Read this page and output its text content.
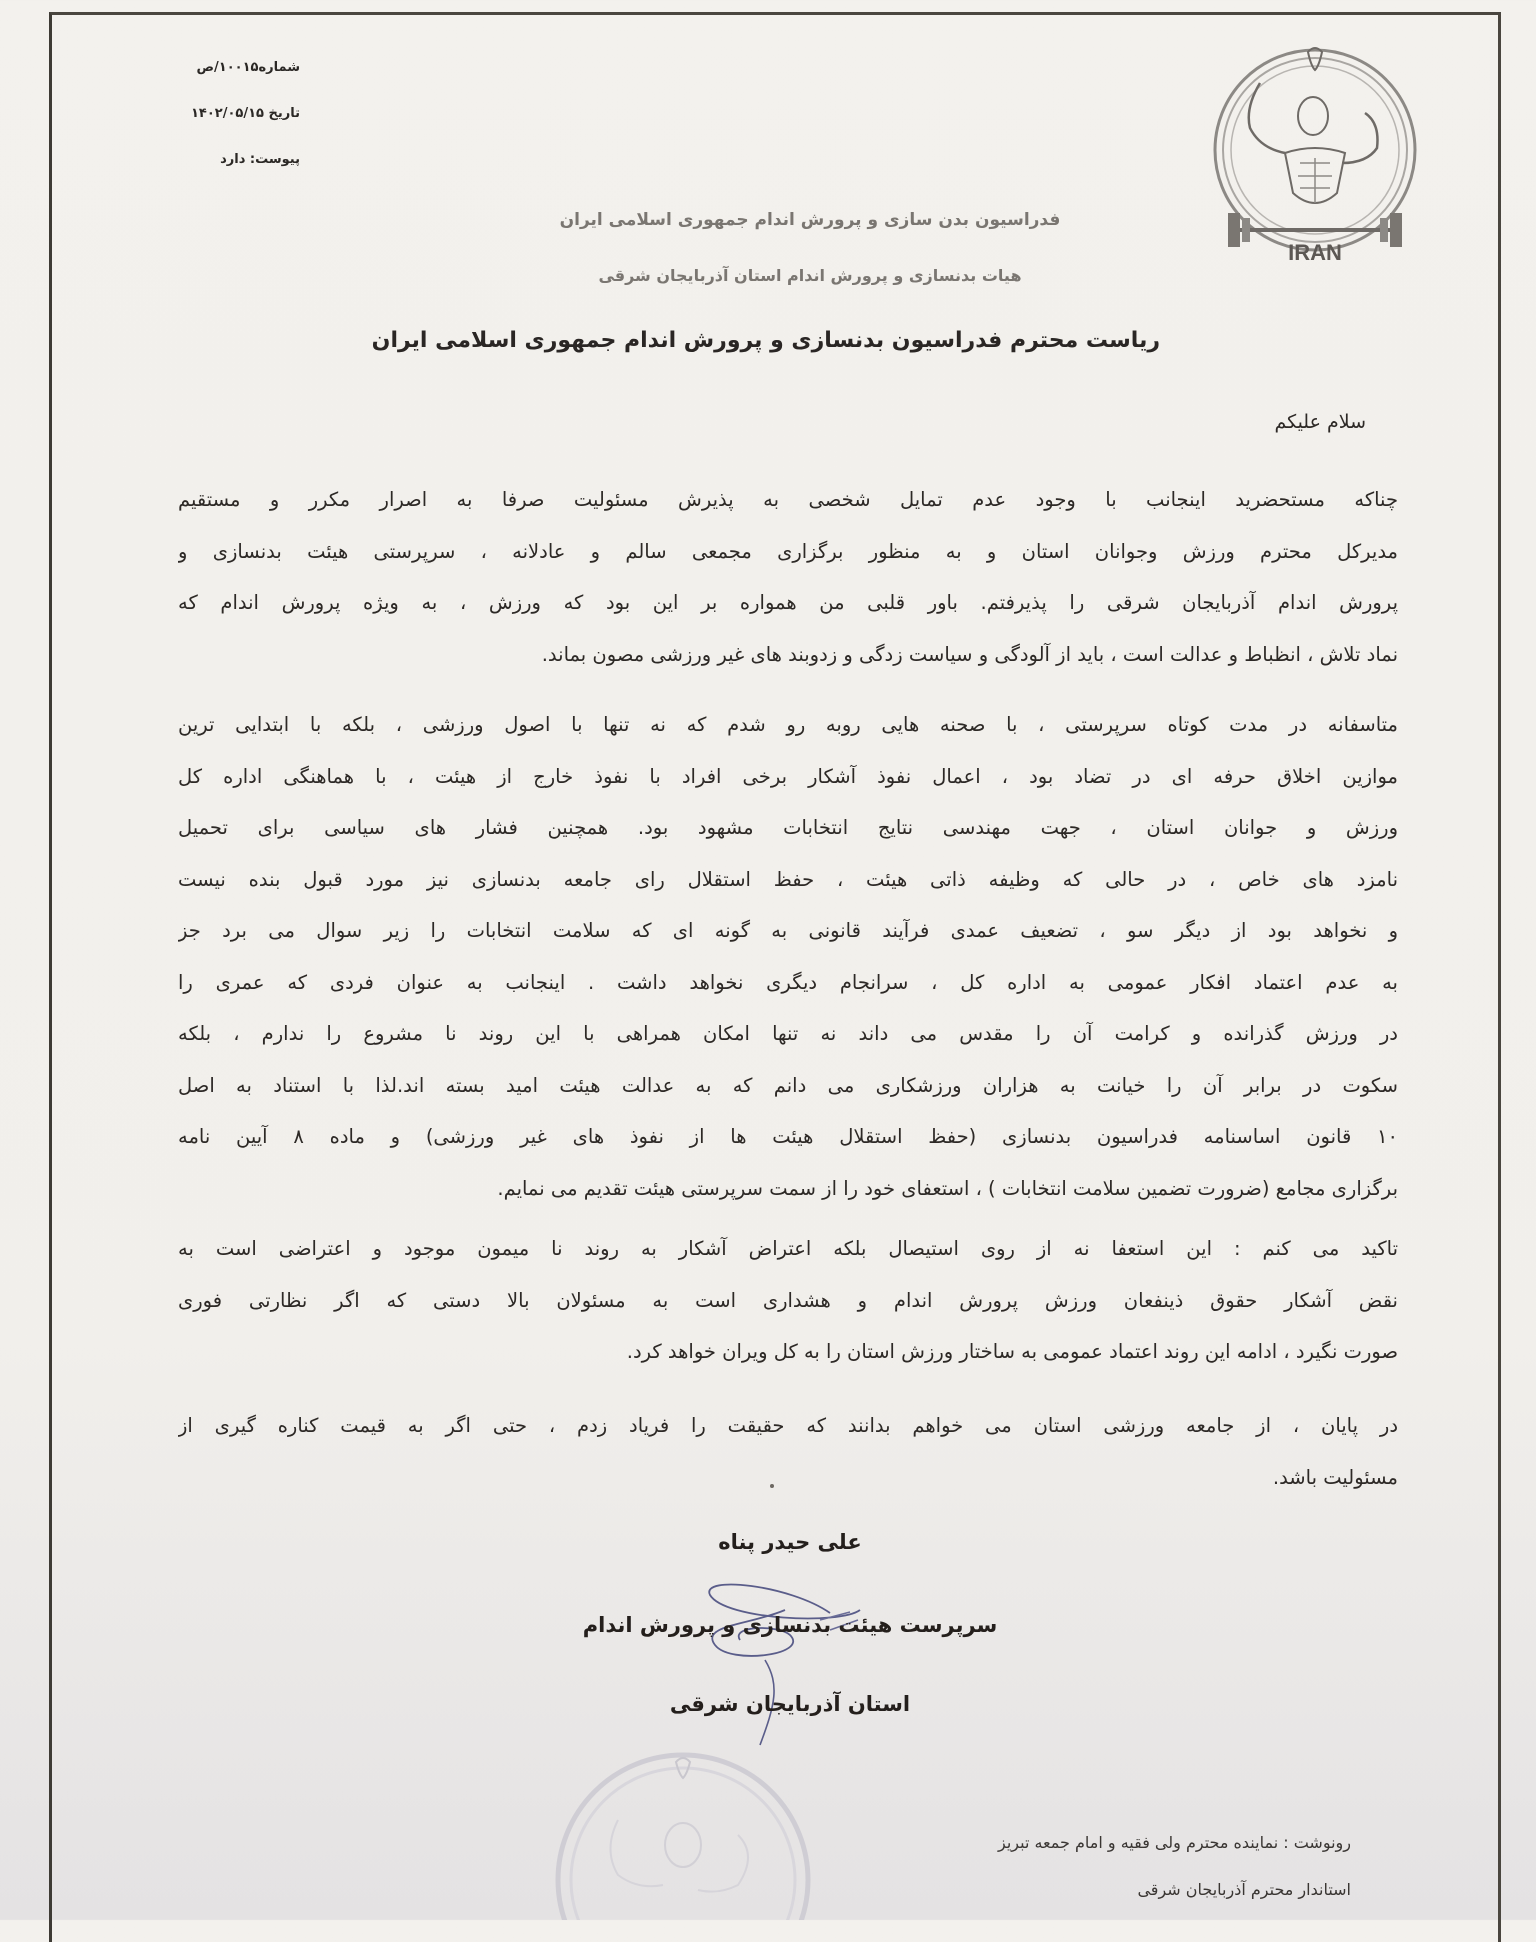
شماره۱۰۰۱۵/ص
تاریخ ۱۴۰۲/۰۵/۱۵
پیوست: دارد
IRAN
فدراسیون بدن سازی و پرورش اندام جمهوری اسلامی ایران
هیات بدنسازی و پرورش اندام استان آذربایجان شرقی
ریاست محترم فدراسیون بدنسازی و پرورش اندام جمهوری اسلامی ایران
سلام علیکم
چناکه مستحضرید اینجانب با وجود عدم تمایل شخصی به پذیرش مسئولیت صرفا به اصرار مکرر و مستقیم
مدیرکل محترم ورزش وجوانان استان و به منظور برگزاری مجمعی سالم و عادلانه ، سرپرستی هیئت بدنسازی و
پرورش اندام آذربایجان شرقی را پذیرفتم. باور قلبی من همواره بر این بود که ورزش ، به ویژه پرورش اندام که
نماد تلاش ، انظباط و عدالت است ، باید از آلودگی و سیاست زدگی و زدوبند های غیر ورزشی مصون بماند.
متاسفانه در مدت کوتاه سرپرستی ، با صحنه هایی روبه رو شدم که نه تنها با اصول ورزشی ، بلکه با ابتدایی ترین
موازین اخلاق حرفه ای در تضاد بود ، اعمال نفوذ آشکار برخی افراد با نفوذ خارج از هیئت ، با هماهنگی اداره کل
ورزش و جوانان استان ، جهت مهندسی نتایج انتخابات مشهود بود. همچنین فشار های سیاسی برای تحمیل
نامزد های خاص ، در حالی که وظیفه ذاتی هیئت ، حفظ استقلال رای جامعه بدنسازی نیز مورد قبول بنده نیست
و نخواهد بود از دیگر سو ، تضعیف عمدی فرآیند قانونی به گونه ای که سلامت انتخابات را زیر سوال می برد جز
به عدم اعتماد افکار عمومی به اداره کل ، سرانجام دیگری نخواهد داشت . اینجانب به عنوان فردی که عمری را
در ورزش گذرانده و کرامت آن را مقدس می داند نه تنها امکان همراهی با این روند نا مشروع را ندارم ، بلکه
سکوت در برابر آن را خیانت به هزاران ورزشکاری می دانم که به عدالت هیئت امید بسته اند.لذا با استناد به اصل
۱۰ قانون اساسنامه فدراسیون بدنسازی (حفظ استقلال هیئت ها از نفوذ های غیر ورزشی) و ماده ۸ آیین نامه
برگزاری مجامع (ضرورت تضمین سلامت انتخابات ) ، استعفای خود را از سمت سرپرستی هیئت تقدیم می نمایم.
تاکید می کنم : این استعفا نه از روی استیصال بلکه اعتراض آشکار به روند نا میمون موجود و اعتراضی است به
نقض آشکار حقوق ذینفعان ورزش پرورش اندام و هشداری است به مسئولان بالا دستی که اگر نظارتی فوری
صورت نگیرد ، ادامه این روند اعتماد عمومی به ساختار ورزش استان را به کل ویران خواهد کرد.
در پایان ، از جامعه ورزشی استان می خواهم بدانند که حقیقت را فریاد زدم ، حتی اگر به قیمت کناره گیری از
مسئولیت باشد.
علی حیدر پناه
سرپرست هیئت بدنسازی و پرورش اندام
استان آذربایجان شرقی
رونوشت : نماینده محترم ولی فقیه و امام جمعه تبریز
استاندار محترم آذربایجان شرقی
